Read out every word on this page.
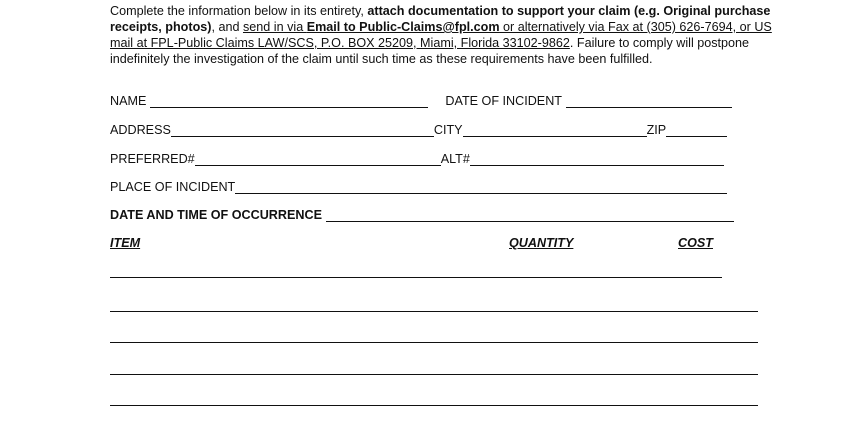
Complete the information below in its entirety, attach documentation to support your claim (e.g. Original purchase receipts, photos), and send in via Email to Public-Claims@fpl.com or alternatively via Fax at (305) 626-7694, or US mail at FPL-Public Claims LAW/SCS, P.O. BOX 25209, Miami, Florida 33102-9862. Failure to comply will postpone indefinitely the investigation of the claim until such time as these requirements have been fulfilled.
NAME	DATE OF INCIDENT
ADDRESS	CITY	ZIP
PREFERRED#	ALT#
PLACE OF INCIDENT
DATE AND TIME OF OCCURRENCE
ITEM	QUANTITY	COST
